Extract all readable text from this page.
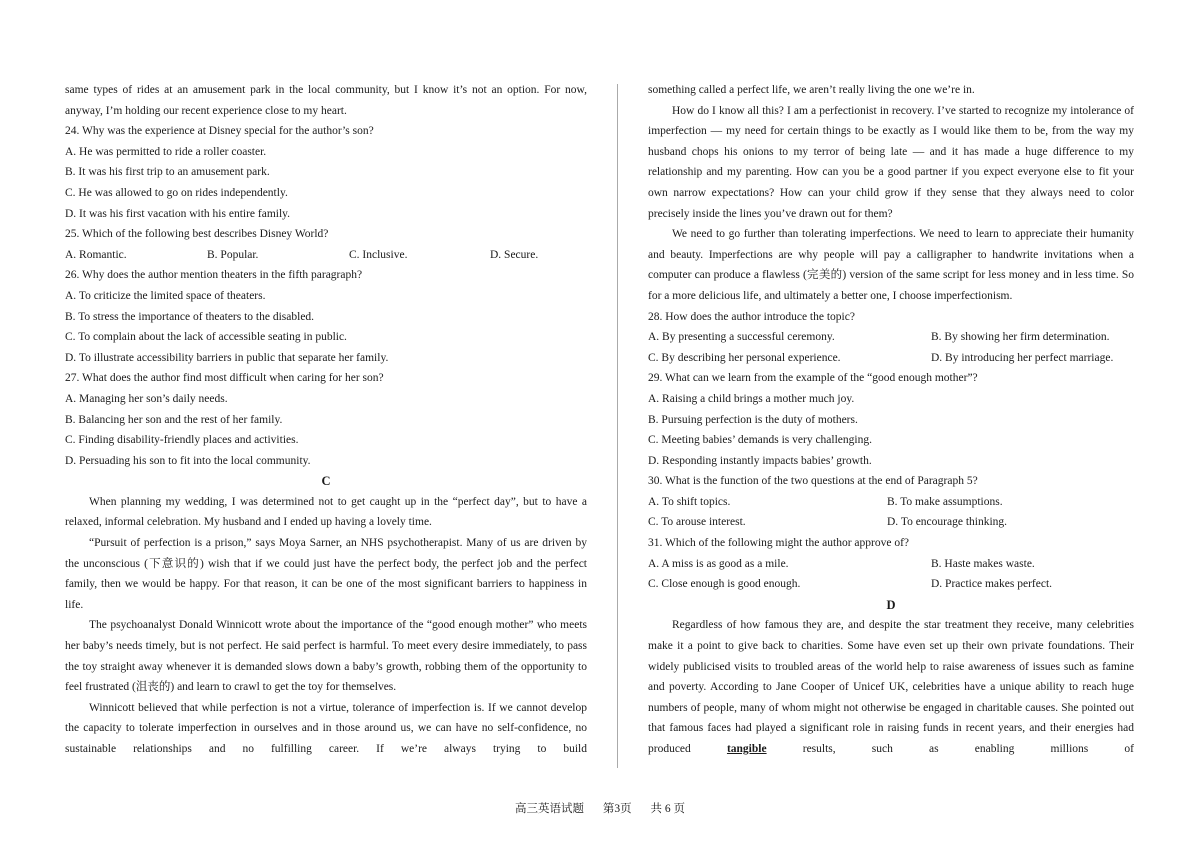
same types of rides at an amusement park in the local community, but I know it’s not an option. For now,

anyway, I’m holding our recent experience close to my heart.

24. Why was the experience at Disney special for the author’s son?

A. He was permitted to ride a roller coaster.

B. It was his first trip to an amusement park.

C. He was allowed to go on rides independently.

D. It was his first vacation with his entire family.

25. Which of the following best describes Disney World?

A. Romantic.	B. Popular.	C. Inclusive.	D. Secure.

26. Why does the author mention theaters in the fifth paragraph?

A. To criticize the limited space of theaters.

B. To stress the importance of theaters to the disabled.

C. To complain about the lack of accessible seating in public.

D. To illustrate accessibility barriers in public that separate her family.

27. What does the author find most difficult when caring for her son?

A. Managing her son’s daily needs.

B. Balancing her son and the rest of her family.

C. Finding disability-friendly places and activities.

D. Persuading his son to fit into the local community.

C

When planning my wedding, I was determined not to get caught up in the “perfect day”, but to have a relaxed, informal celebration. My husband and I ended up having a lovely time.

“Pursuit of perfection is a prison,” says Moya Sarner, an NHS psychotherapist. Many of us are driven by the unconscious (下意识的) wish that if we could just have the perfect body, the perfect job and the perfect family, then we would be happy. For that reason, it can be one of the most significant barriers to happiness in life.

The psychoanalyst Donald Winnicott wrote about the importance of the “good enough mother” who meets her baby’s needs timely, but is not perfect. He said perfect is harmful. To meet every desire immediately, to pass the toy straight away whenever it is demanded slows down a baby’s growth, robbing them of the opportunity to feel frustrated (沮丧的) and learn to crawl to get the toy for themselves.

Winnicott believed that while perfection is not a virtue, tolerance of imperfection is. If we cannot develop the capacity to tolerate imperfection in ourselves and in those around us, we can have no self-confidence, no sustainable relationships and no fulfilling career. If we’re always trying to build

something called a perfect life, we aren’t really living the one we’re in.

How do I know all this? I am a perfectionist in recovery. I’ve started to recognize my intolerance of imperfection — my need for certain things to be exactly as I would like them to be, from the way my husband chops his onions to my terror of being late — and it has made a huge difference to my relationship and my parenting. How can you be a good partner if you expect everyone else to fit your own narrow expectations? How can your child grow if they sense that they always need to color precisely inside the lines you’ve drawn out for them?

We need to go further than tolerating imperfections. We need to learn to appreciate their humanity and beauty. Imperfections are why people will pay a calligrapher to handwrite invitations when a computer can produce a flawless (完美的) version of the same script for less money and in less time. So for a more delicious life, and ultimately a better one, I choose imperfectionism.

28. How does the author introduce the topic?

A. By presenting a successful ceremony.	B. By showing her firm determination.
C. By describing her personal experience.	D. By introducing her perfect marriage.

29. What can we learn from the example of the “good enough mother”?

A. Raising a child brings a mother much joy.

B. Pursuing perfection is the duty of mothers.

C. Meeting babies’ demands is very challenging.

D. Responding instantly impacts babies’ growth.

30. What is the function of the two questions at the end of Paragraph 5?

A. To shift topics.	B. To make assumptions.
C. To arouse interest.	D. To encourage thinking.

31. Which of the following might the author approve of?

A. A miss is as good as a mile.	B. Haste makes waste.
C. Close enough is good enough.	D. Practice makes perfect.

D

Regardless of how famous they are, and despite the star treatment they receive, many celebrities make it a point to give back to charities. Some have even set up their own private foundations. Their widely publicised visits to troubled areas of the world help to raise awareness of issues such as famine and poverty. According to Jane Cooper of Unicef UK, celebrities have a unique ability to reach huge numbers of people, many of whom might not otherwise be engaged in charitable causes. She pointed out that famous faces had played a significant role in raising funds in recent years, and their energies had produced tangible results, such as enabling millions of

高三英语试题 第3页 共 6 页
